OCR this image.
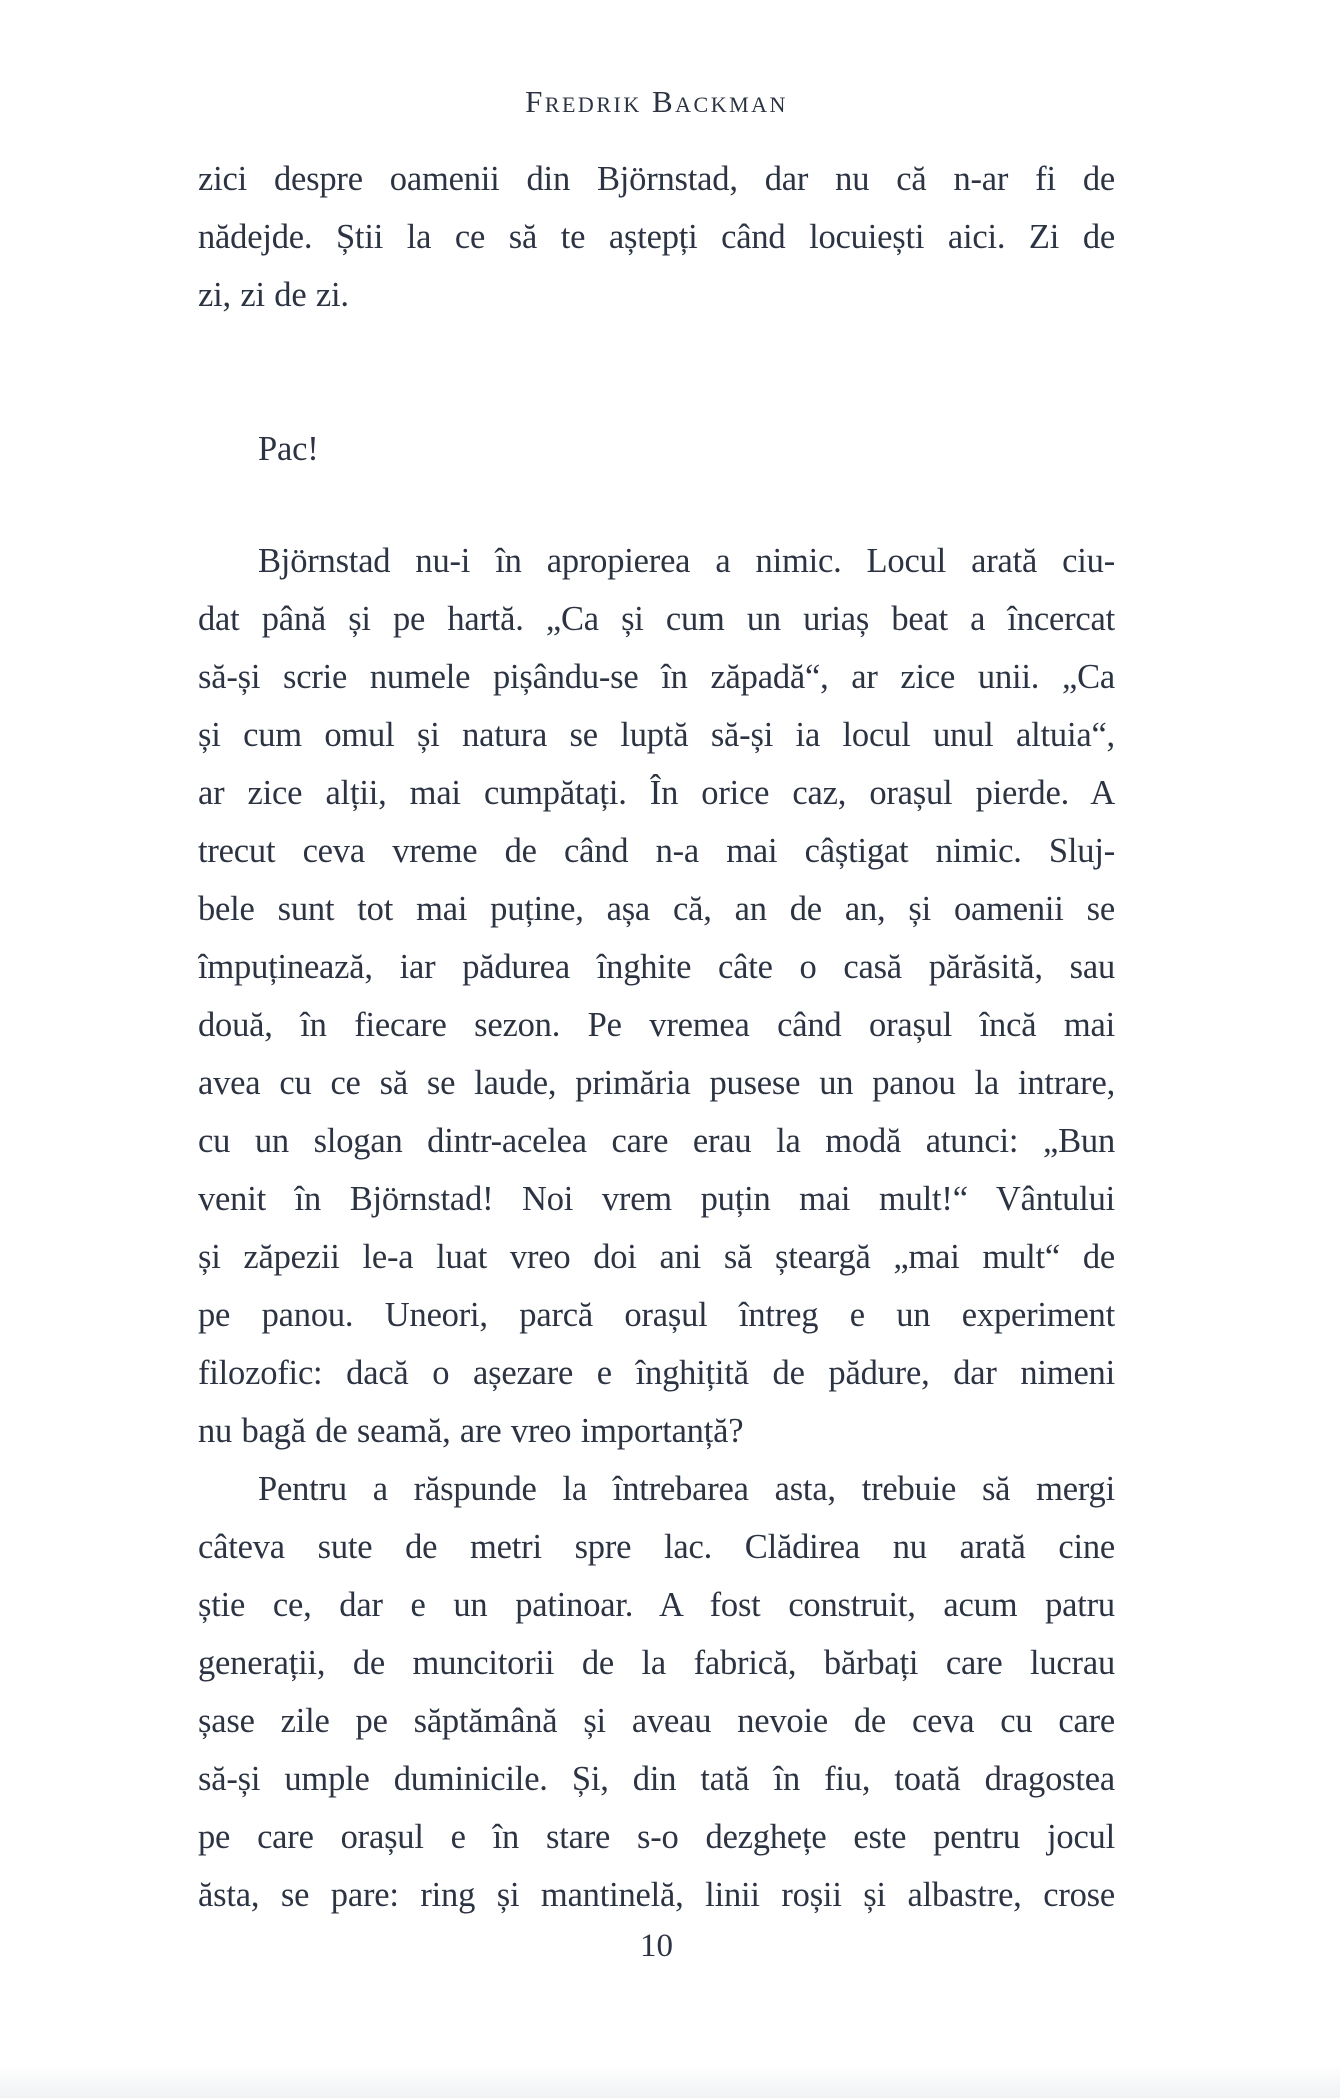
Fredrik Backman
zici despre oamenii din Björnstad, dar nu că n-ar fi de
nădejde. Știi la ce să te aștepți când locuiești aici. Zi de
zi, zi de zi.
Pac!
Björnstad nu-i în apropierea a nimic. Locul arată ciu-
dat până și pe hartă. „Ca și cum un uriaș beat a încercat
să-și scrie numele pișându-se în zăpadă“, ar zice unii. „Ca
și cum omul și natura se luptă să-și ia locul unul altuia“,
ar zice alții, mai cumpătați. În orice caz, orașul pierde. A
trecut ceva vreme de când n-a mai câștigat nimic. Sluj-
bele sunt tot mai puține, așa că, an de an, și oamenii se
împuținează, iar pădurea înghite câte o casă părăsită, sau
două, în fiecare sezon. Pe vremea când orașul încă mai
avea cu ce să se laude, primăria pusese un panou la intrare,
cu un slogan dintr-acelea care erau la modă atunci: „Bun
venit în Björnstad! Noi vrem puțin mai mult!“ Vântului
și zăpezii le-a luat vreo doi ani să șteargă „mai mult“ de
pe panou. Uneori, parcă orașul întreg e un experiment
filozofic: dacă o așezare e înghițită de pădure, dar nimeni
nu bagă de seamă, are vreo importanță?
Pentru a răspunde la întrebarea asta, trebuie să mergi
câteva sute de metri spre lac. Clădirea nu arată cine
știe ce, dar e un patinoar. A fost construit, acum patru
generații, de muncitorii de la fabrică, bărbați care lucrau
șase zile pe săptămână și aveau nevoie de ceva cu care
să-și umple duminicile. Și, din tată în fiu, toată dragostea
pe care orașul e în stare s-o dezghețe este pentru jocul
ăsta, se pare: ring și mantinelă, linii roșii și albastre, crose
10
